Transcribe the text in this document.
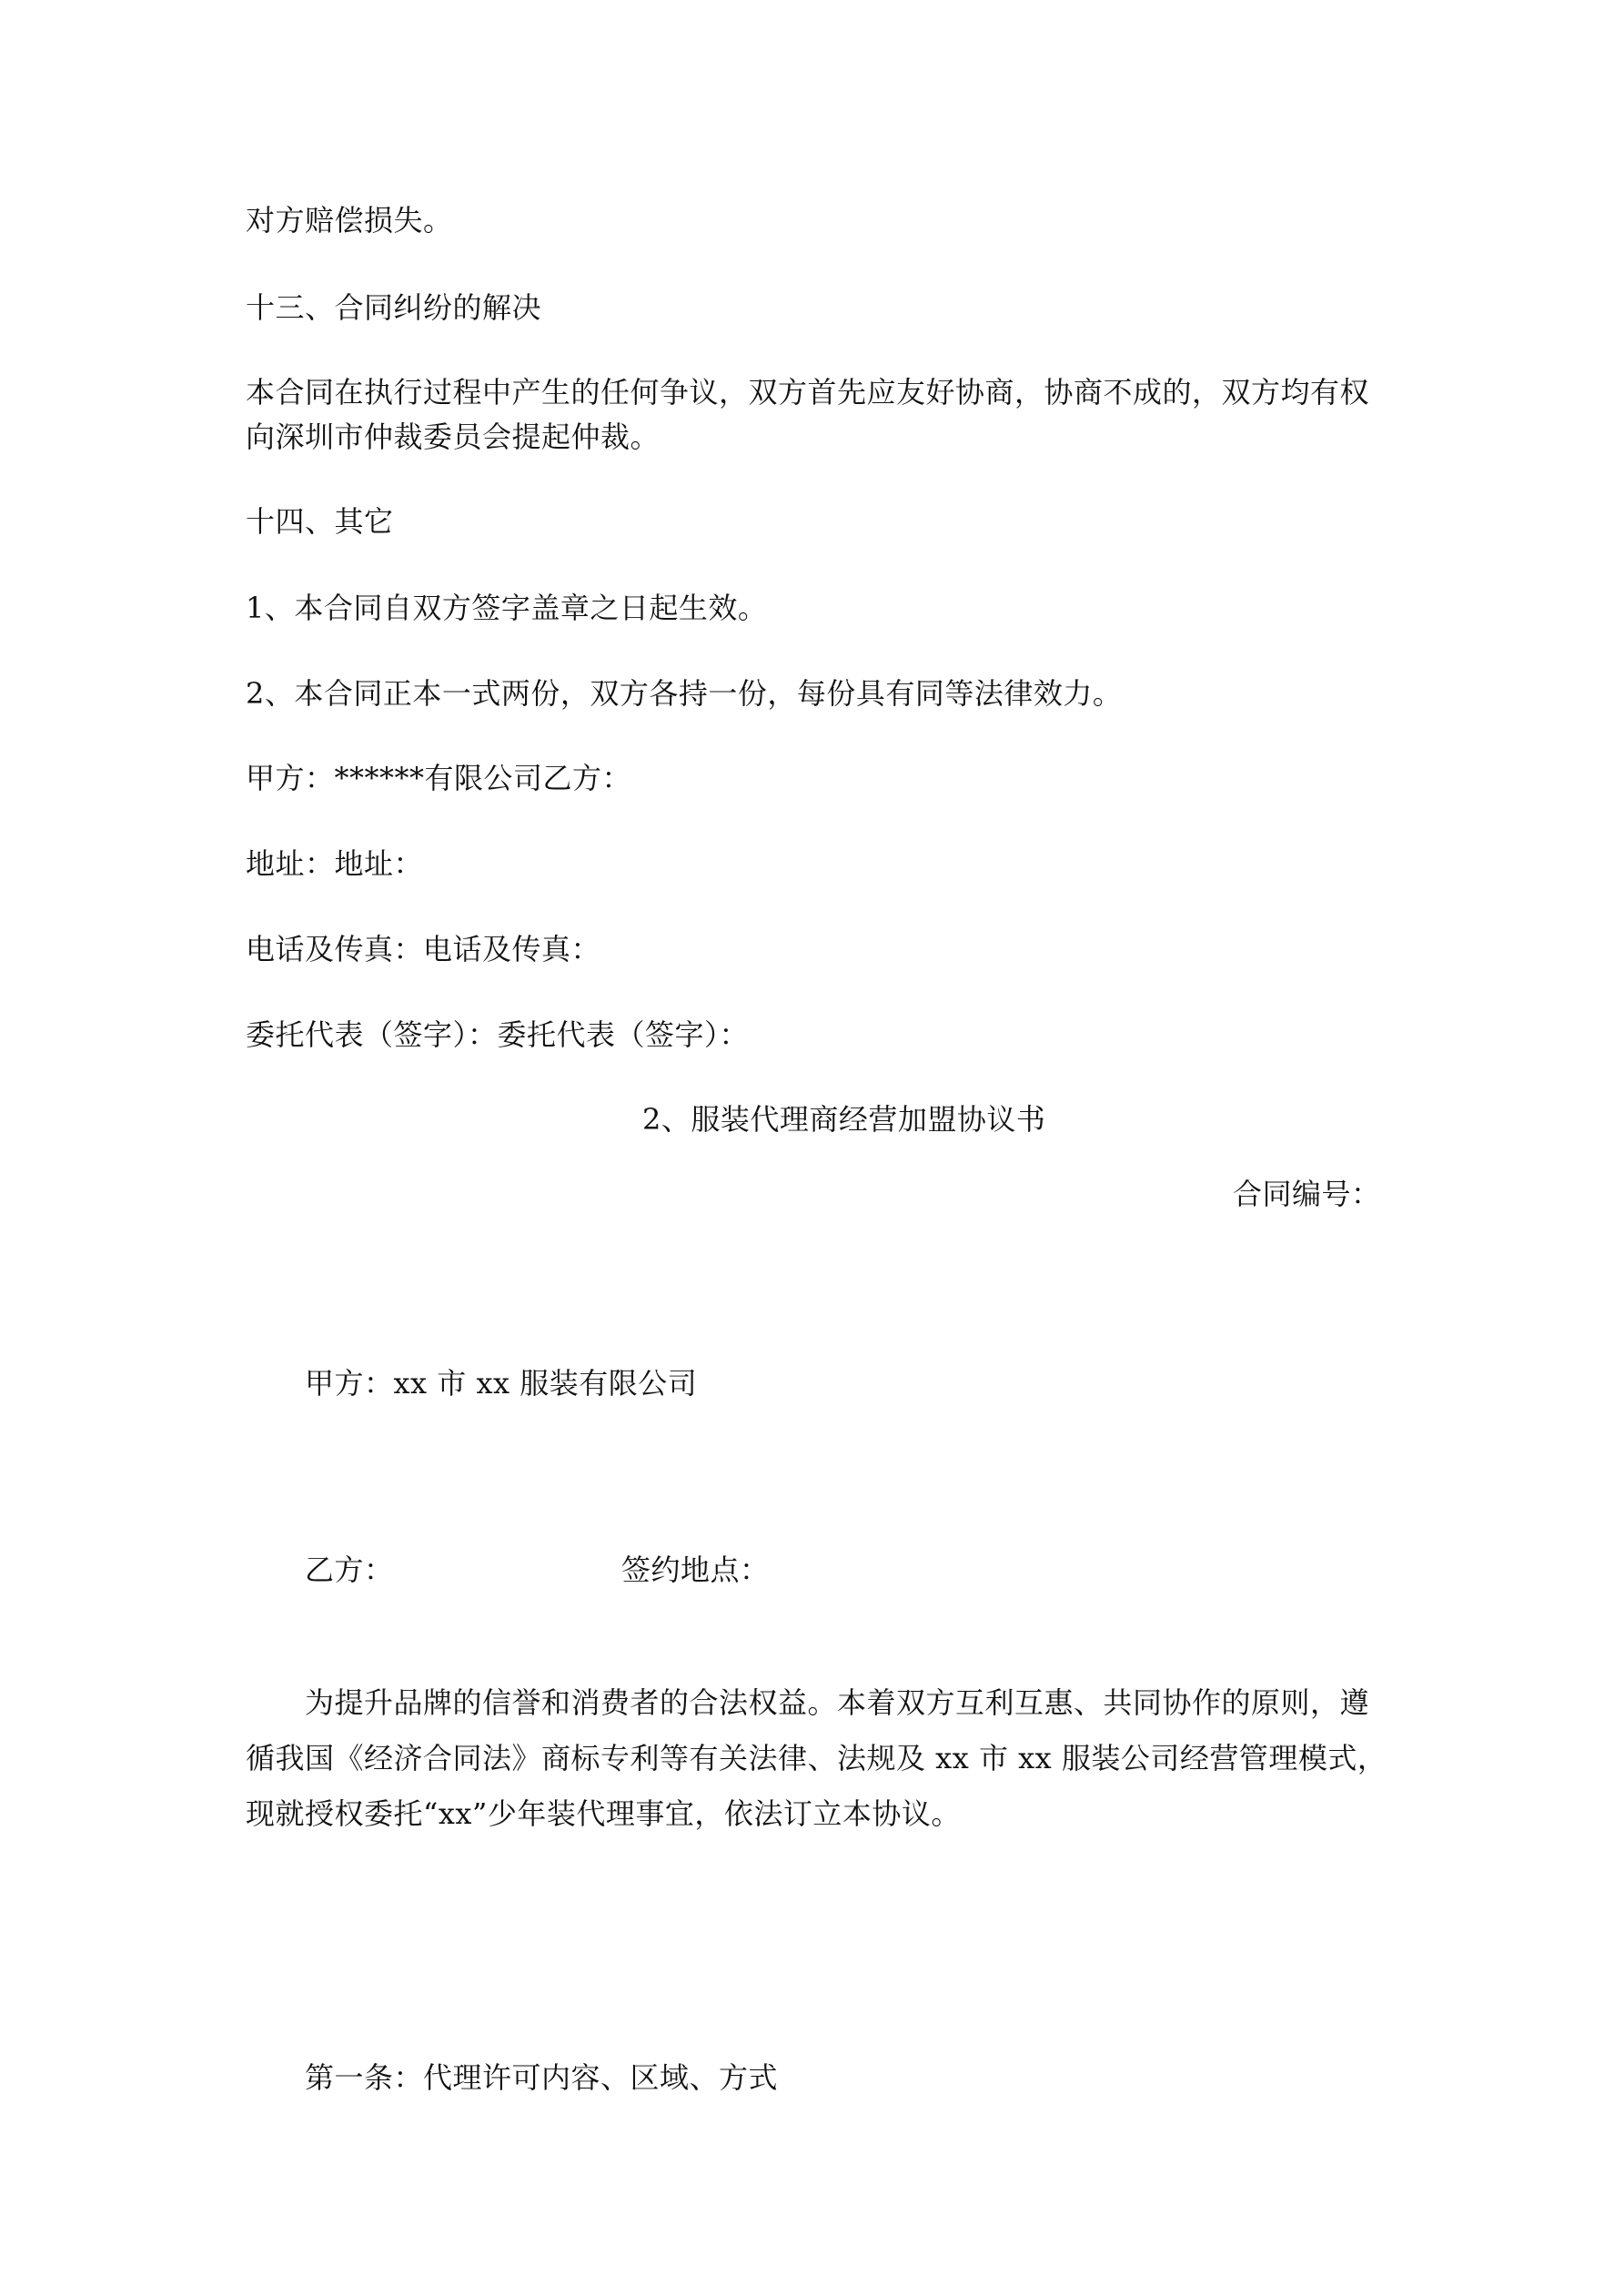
对方赔偿损失。
十三、合同纠纷的解决
本合同在执行过程中产生的任何争议，双方首先应友好协商，协商不成的，双方均有权
向深圳市仲裁委员会提起仲裁。
十四、其它
1、本合同自双方签字盖章之日起生效。
2、本合同正本一式两份，双方各持一份，每份具有同等法律效力。
甲方：******有限公司乙方：
地址：地址：
电话及传真：电话及传真：
委托代表（签字）：委托代表（签字）：
2、服装代理商经营加盟协议书
合同编号：
甲方：xx 市 xx 服装有限公司
乙方：	签约地点：
为提升品牌的信誉和消费者的合法权益。本着双方互利互惠、共同协作的原则，遵
循我国《经济合同法》商标专利等有关法律、法规及 xx 市 xx 服装公司经营管理模式，
现就授权委托“xx”少年装代理事宜，依法订立本协议。
第一条：代理许可内容、区域、方式
